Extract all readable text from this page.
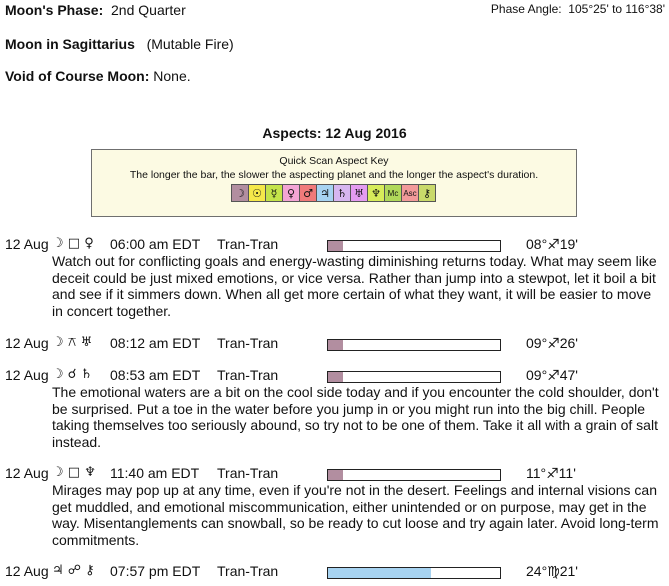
Moon's Phase: 2nd Quarter	Phase Angle: 105°25' to 116°38'
Moon in Sagittarius (Mutable Fire)
Void of Course Moon: None.
Aspects: 12 Aug 2016
Quick Scan Aspect Key
The longer the bar, the slower the aspecting planet and the longer the aspect's duration.
☽ ☉ ☿ ♀ ♂ ♃ ♄ ♅ ♆ Mc Asc ⚷
12 Aug ☽ □ ♀ 06:00 am EDT Tran-Tran	08°♐19'
Watch out for conflicting goals and energy-wasting diminishing returns today. What may seem like deceit could be just mixed emotions, or vice versa. Rather than jump into a stewpot, let it boil a bit and see if it simmers down. When all get more certain of what they want, it will be easier to move in concert together.
12 Aug ☽ ⚻ ♅ 08:12 am EDT Tran-Tran	09°♐26'
12 Aug ☽ ☌ ♄ 08:53 am EDT Tran-Tran	09°♐47'
The emotional waters are a bit on the cool side today and if you encounter the cold shoulder, don't be surprised. Put a toe in the water before you jump in or you might run into the big chill. People taking themselves too seriously abound, so try not to be one of them. Take it all with a grain of salt instead.
12 Aug ☽ □ ♆ 11:40 am EDT Tran-Tran	11°♐11'
Mirages may pop up at any time, even if you're not in the desert. Feelings and internal visions can get muddled, and emotional miscommunication, either unintended or on purpose, may get in the way. Misentanglements can snowball, so be ready to cut loose and try again later. Avoid long-term commitments.
12 Aug ♃ ☍ ⚷ 07:57 pm EDT Tran-Tran	24°♍21'
